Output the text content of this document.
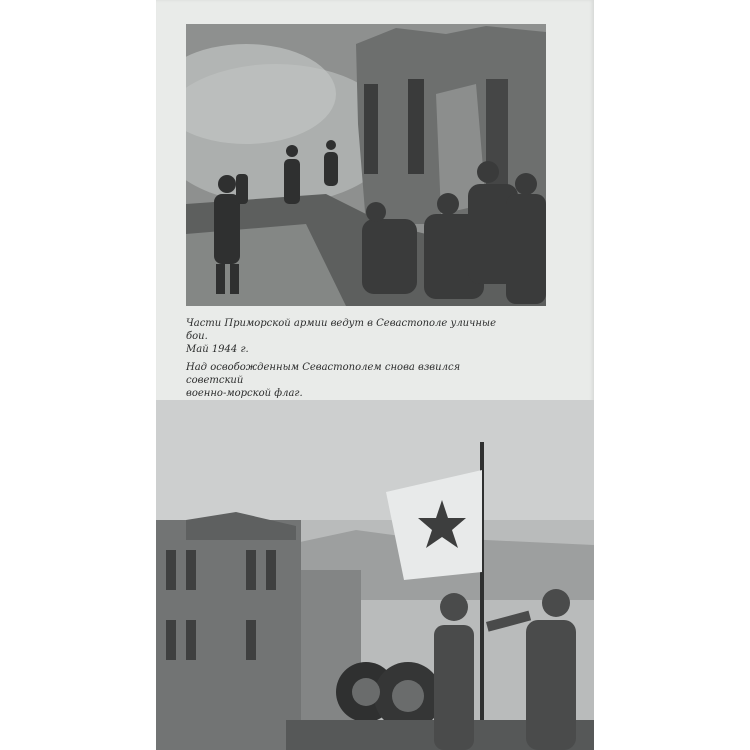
Части Приморской армии ведут в Севастополе уличные бои.
Май 1944 г.

Над освобожденным Севастополем снова взвился советский
военно-морской флаг.
